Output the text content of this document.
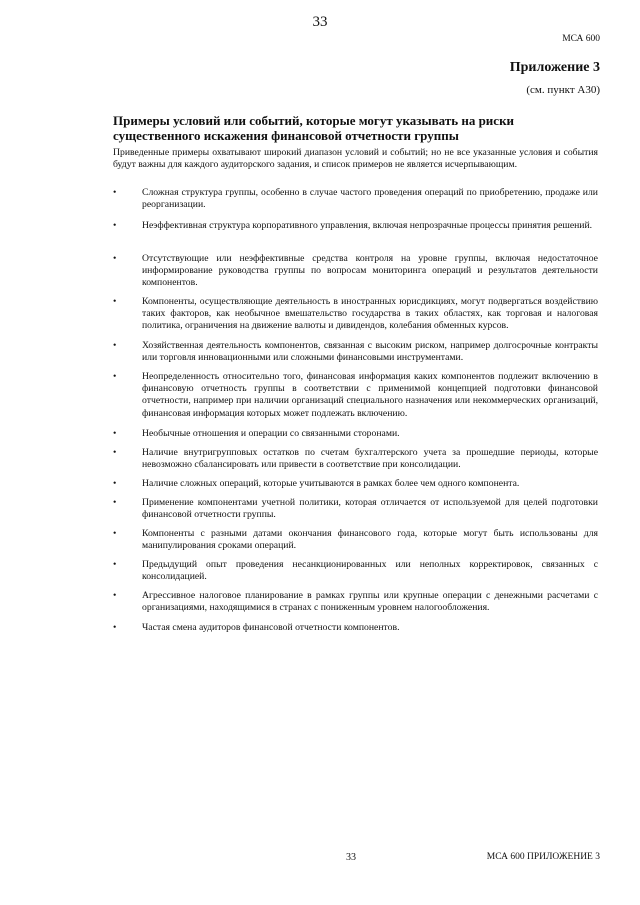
33
МСА 600
Приложение 3
(см. пункт A30)
Примеры условий или событий, которые могут указывать на риски существенного искажения финансовой отчетности группы
Приведенные примеры охватывают широкий диапазон условий и событий; но не все указанные условия и события будут важны для каждого аудиторского задания, и список примеров не является исчерпывающим.
•	Сложная структура группы, особенно в случае частого проведения операций по приобретению, продаже или реорганизации.
•	Неэффективная структура корпоративного управления, включая непрозрачные процессы принятия решений.
•	Отсутствующие или неэффективные средства контроля на уровне группы, включая недостаточное информирование руководства группы по вопросам мониторинга операций и результатов деятельности компонентов.
•	Компоненты, осуществляющие деятельность в иностранных юрисдикциях, могут подвергаться воздействию таких факторов, как необычное вмешательство государства в таких областях, как торговая и налоговая политика, ограничения на движение валюты и дивидендов, колебания обменных курсов.
•	Хозяйственная деятельность компонентов, связанная с высоким риском, например долгосрочные контракты или торговля инновационными или сложными финансовыми инструментами.
•	Неопределенность относительно того, финансовая информация каких компонентов подлежит включению в финансовую отчетность группы в соответствии с применимой концепцией подготовки финансовой отчетности, например при наличии организаций специального назначения или некоммерческих организаций, финансовая информация которых может подлежать включению.
•	Необычные отношения и операции со связанными сторонами.
•	Наличие внутригрупповых остатков по счетам бухгалтерского учета за прошедшие периоды, которые невозможно сбалансировать или привести в соответствие при консолидации.
•	Наличие сложных операций, которые учитываются в рамках более чем одного компонента.
•	Применение компонентами учетной политики, которая отличается от используемой для целей подготовки финансовой отчетности группы.
•	Компоненты с разными датами окончания финансового года, которые могут быть использованы для манипулирования сроками операций.
•	Предыдущий опыт проведения несанкционированных или неполных корректировок, связанных с консолидацией.
•	Агрессивное налоговое планирование в рамках группы или крупные операции с денежными расчетами с организациями, находящимися в странах с пониженным уровнем налогообложения.
•	Частая смена аудиторов финансовой отчетности компонентов.
33	МСА 600 ПРИЛОЖЕНИЕ 3
